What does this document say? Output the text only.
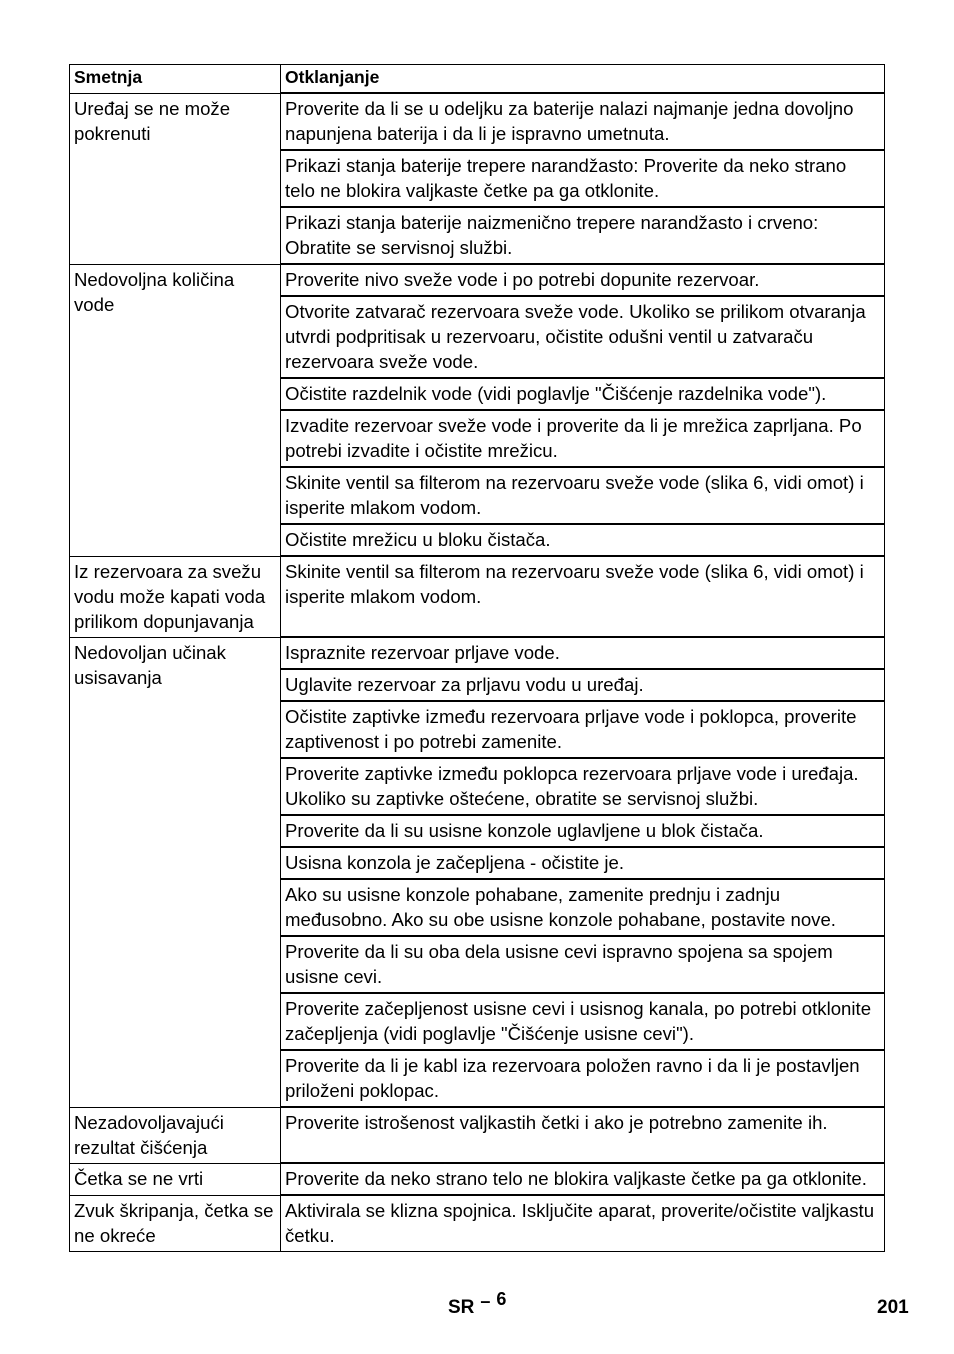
Smetnja	Otklanjanje
Uređaj se ne može pokrenuti	Proverite da li se u odeljku za baterije nalazi najmanje jedna dovoljno napunjena baterija i da li je ispravno umetnuta.
	Prikazi stanja baterije trepere narandžasto: Proverite da neko strano telo ne blokira valjkaste četke pa ga otklonite.
	Prikazi stanja baterije naizmenično trepere narandžasto i crveno: Obratite se servisnoj službi.
Nedovoljna količina vode	Proverite nivo sveže vode i po potrebi dopunite rezervoar.
	Otvorite zatvarač rezervoara sveže vode. Ukoliko se prilikom otvaranja utvrdi podpritisak u rezervoaru, očistite odušni ventil u zatvaraču rezervoara sveže vode.
	Očistite razdelnik vode (vidi poglavlje "Čišćenje razdelnika vode").
	Izvadite rezervoar sveže vode i proverite da li je mrežica zaprljana. Po potrebi izvadite i očistite mrežicu.
	Skinite ventil sa filterom na rezervoaru sveže vode (slika 6, vidi omot) i isperite mlakom vodom.
	Očistite mrežicu u bloku čistača.
Iz rezervoara za svežu vodu može kapati voda prilikom dopunjavanja	Skinite ventil sa filterom na rezervoaru sveže vode (slika 6, vidi omot) i isperite mlakom vodom.
Nedovoljan učinak usisavanja	Ispraznite rezervoar prljave vode.
	Uglavite rezervoar za prljavu vodu u uređaj.
	Očistite zaptivke između rezervoara prljave vode i poklopca, proverite zaptivenost i po potrebi zamenite.
	Proverite zaptivke između poklopca rezervoara prljave vode i uređaja. Ukoliko su zaptivke oštećene, obratite se servisnoj službi.
	Proverite da li su usisne konzole uglavljene u blok čistača.
	Usisna konzola je začepljena - očistite je.
	Ako su usisne konzole pohabane, zamenite prednju i zadnju međusobno. Ako su obe usisne konzole pohabane, postavite nove.
	Proverite da li su oba dela usisne cevi ispravno spojena sa spojem usisne cevi.
	Proverite začepljenost usisne cevi i usisnog kanala, po potrebi otklonite začepljenja (vidi poglavlje "Čišćenje usisne cevi").
	Proverite da li je kabl iza rezervoara položen ravno i da li je postavljen priloženi poklopac.
Nezadovoljavajući rezultat čišćenja	Proverite istrošenost valjkastih četki i ako je potrebno zamenite ih.
Četka se ne vrti	Proverite da neko strano telo ne blokira valjkaste četke pa ga otklonite.
Zvuk škripanja, četka se ne okreće	Aktivirala se klizna spojnica. Isključite aparat, proverite/očistite valjkastu četku.
SR – 6	201
